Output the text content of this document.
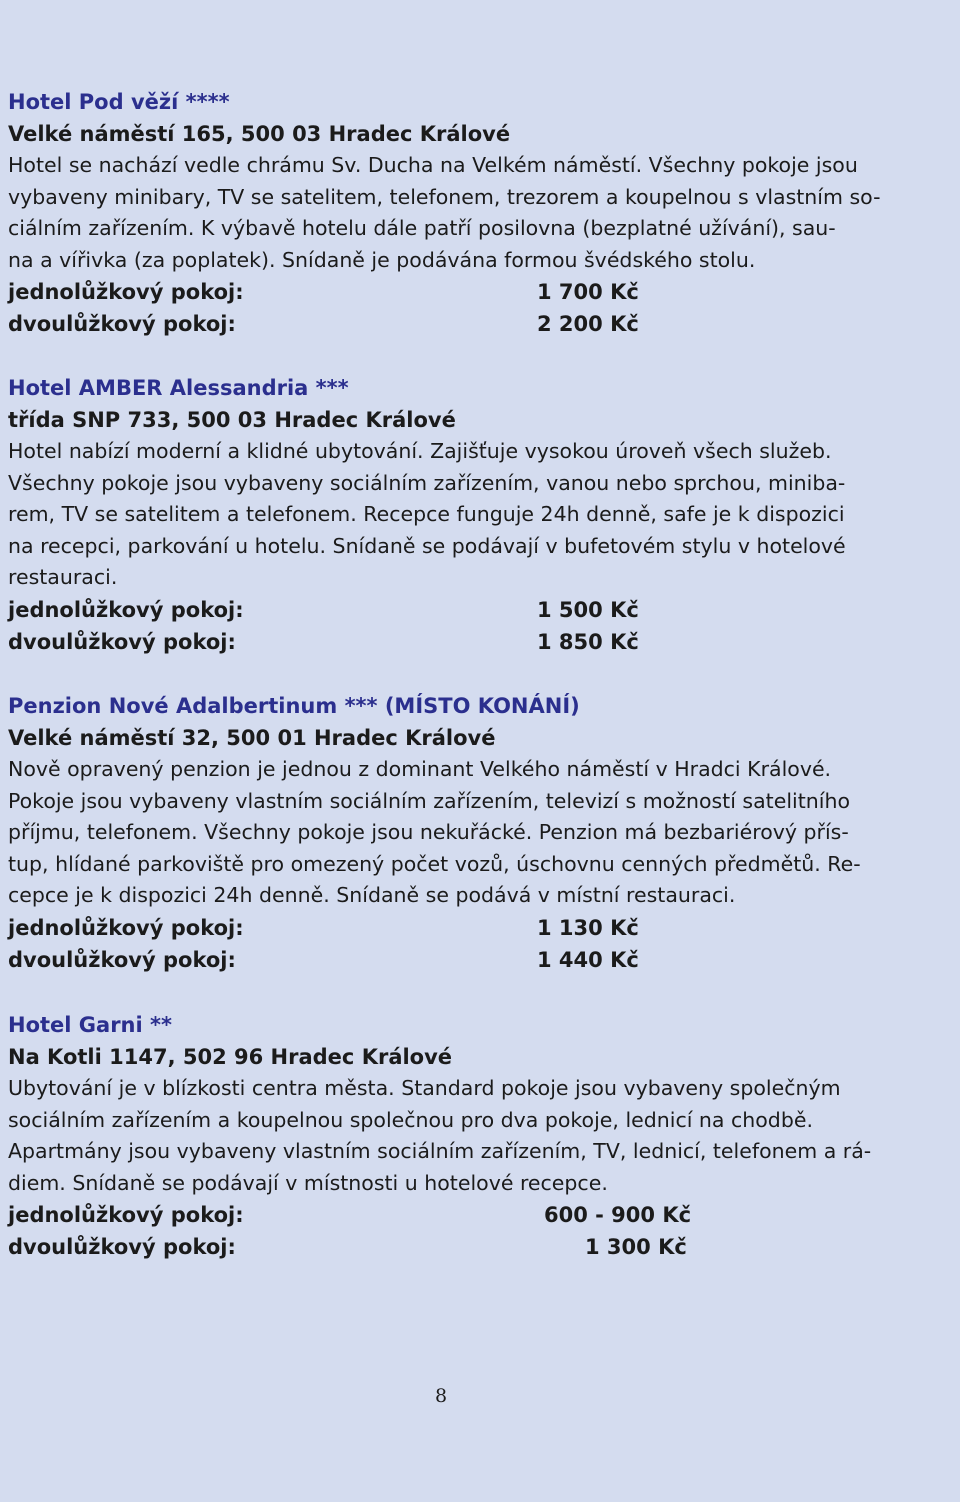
Hotel Pod věží ****
Velké náměstí 165, 500 03 Hradec Králové
Hotel se nachází vedle chrámu Sv. Ducha na Velkém náměstí. Všechny pokoje jsou
vybaveny minibary, TV se satelitem, telefonem, trezorem a koupelnou s vlastním so-
ciálním zařízením. K výbavě hotelu dále patří posilovna (bezplatné užívání), sau-
na a vířivka (za poplatek). Snídaně je podávána formou švédského stolu.
jednolůžkový pokoj:	1 700 Kč
dvoulůžkový pokoj:	2 200 Kč
Hotel AMBER Alessandria ***
třída SNP 733, 500 03 Hradec Králové
Hotel nabízí moderní a klidné ubytování. Zajišťuje vysokou úroveň všech služeb.
Všechny pokoje jsou vybaveny sociálním zařízením, vanou nebo sprchou, miniba-
rem, TV se satelitem a telefonem. Recepce funguje 24h denně, safe je k dispozici
na recepci, parkování u hotelu. Snídaně se podávají v bufetovém stylu v hotelové
restauraci.
jednolůžkový pokoj:	1 500 Kč
dvoulůžkový pokoj:	1 850 Kč
Penzion Nové Adalbertinum *** (MÍSTO KONÁNÍ)
Velké náměstí 32, 500 01 Hradec Králové
Nově opravený penzion je jednou z dominant Velkého náměstí v Hradci Králové.
Pokoje jsou vybaveny vlastním sociálním zařízením, televizí s možností satelitního
příjmu, telefonem. Všechny pokoje jsou nekuřácké. Penzion má bezbariérový přís-
tup, hlídané parkoviště pro omezený počet vozů, úschovnu cenných předmětů. Re-
cepce je k dispozici 24h denně. Snídaně se podává v místní restauraci.
jednolůžkový pokoj:	1 130 Kč
dvoulůžkový pokoj:	1 440 Kč
Hotel Garni **
Na Kotli 1147, 502 96 Hradec Králové
Ubytování je v blízkosti centra města. Standard pokoje jsou vybaveny společným
sociálním zařízením a koupelnou společnou pro dva pokoje, lednicí na chodbě.
Apartmány jsou vybaveny vlastním sociálním zařízením, TV, lednicí, telefonem a rá-
diem. Snídaně se podávají v místnosti u hotelové recepce.
jednolůžkový pokoj:	600 - 900 Kč
dvoulůžkový pokoj:	1 300 Kč
8
